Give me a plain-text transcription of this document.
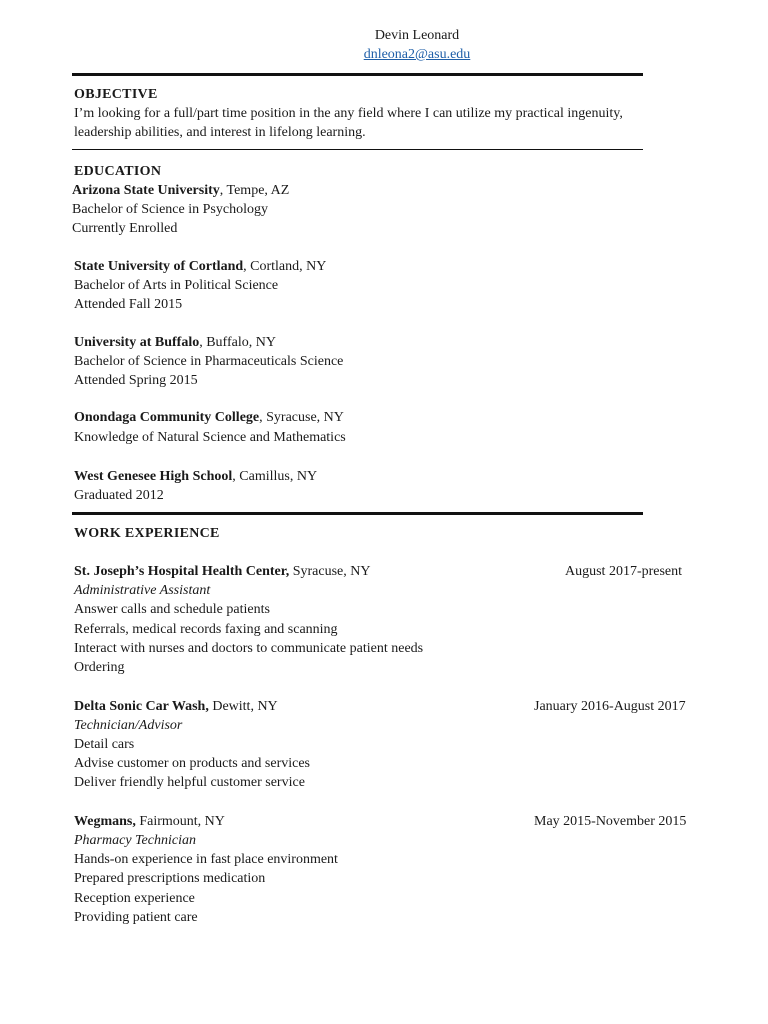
Devin Leonard
dnleona2@asu.edu
OBJECTIVE
I’m looking for a full/part time position in the any field where I can utilize my practical ingenuity,
leadership abilities, and interest in lifelong learning.
EDUCATION
Arizona State University, Tempe, AZ
Bachelor of Science in Psychology
Currently Enrolled
State University of Cortland, Cortland, NY
Bachelor of Arts in Political Science
Attended Fall 2015
University at Buffalo, Buffalo, NY
Bachelor of Science in Pharmaceuticals Science
Attended Spring 2015
Onondaga Community College, Syracuse, NY
Knowledge of Natural Science and Mathematics
West Genesee High School, Camillus, NY
Graduated 2012
WORK EXPERIENCE
St. Joseph’s Hospital Health Center, Syracuse, NY	August 2017-present
Administrative Assistant
Answer calls and schedule patients
Referrals, medical records faxing and scanning
Interact with nurses and doctors to communicate patient needs
Ordering
Delta Sonic Car Wash, Dewitt, NY	January 2016-August 2017
Technician/Advisor
Detail cars
Advise customer on products and services
Deliver friendly helpful customer service
Wegmans, Fairmount, NY	May 2015-November 2015
Pharmacy Technician
Hands-on experience in fast place environment
Prepared prescriptions medication
Reception experience
Providing patient care
